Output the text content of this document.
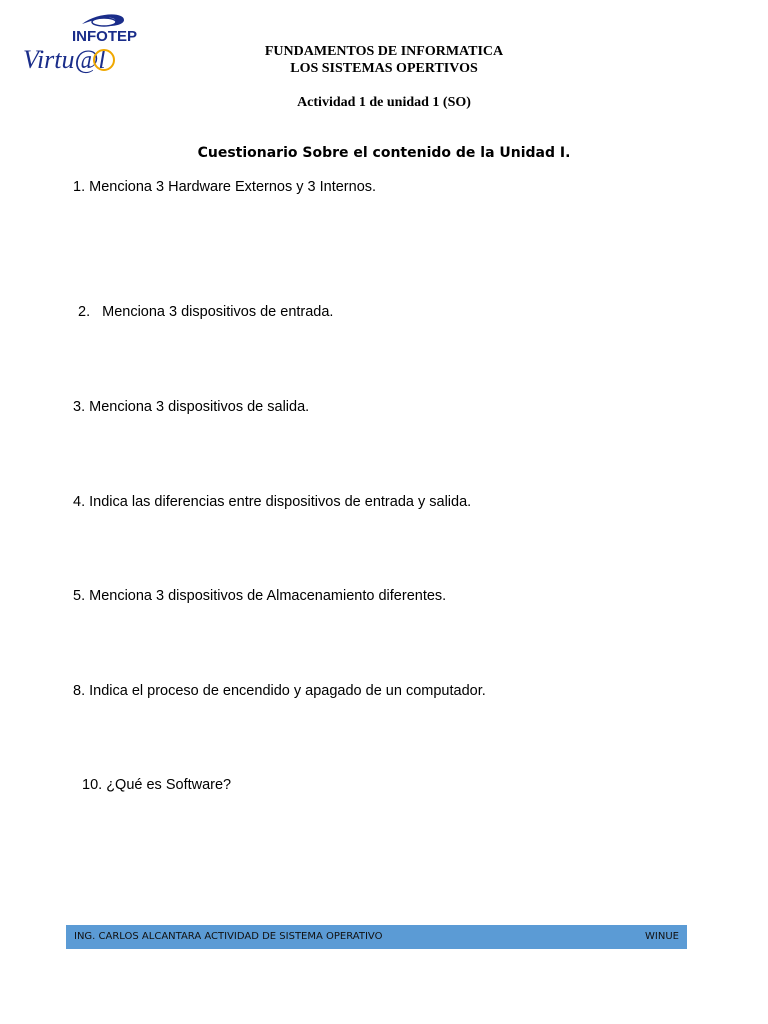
INFOTEP
Virtu@l	FUNDAMENTOS DE INFORMATICA
LOS SISTEMAS OPERTIVOS
Actividad 1 de unidad 1 (SO)
Cuestionario Sobre el contenido de la Unidad I.
1. Menciona 3 Hardware Externos y 3 Internos.
2. Menciona 3 dispositivos de entrada.
3. Menciona 3 dispositivos de salida.
4. Indica las diferencias entre dispositivos de entrada y salida.
5. Menciona 3 dispositivos de Almacenamiento diferentes.
8. Indica el proceso de encendido y apagado de un computador.
10. ¿Qué es Software?
ING. CARLOS ALCANTARA ACTIVIDAD DE SISTEMA OPERATIVO	WINUE
